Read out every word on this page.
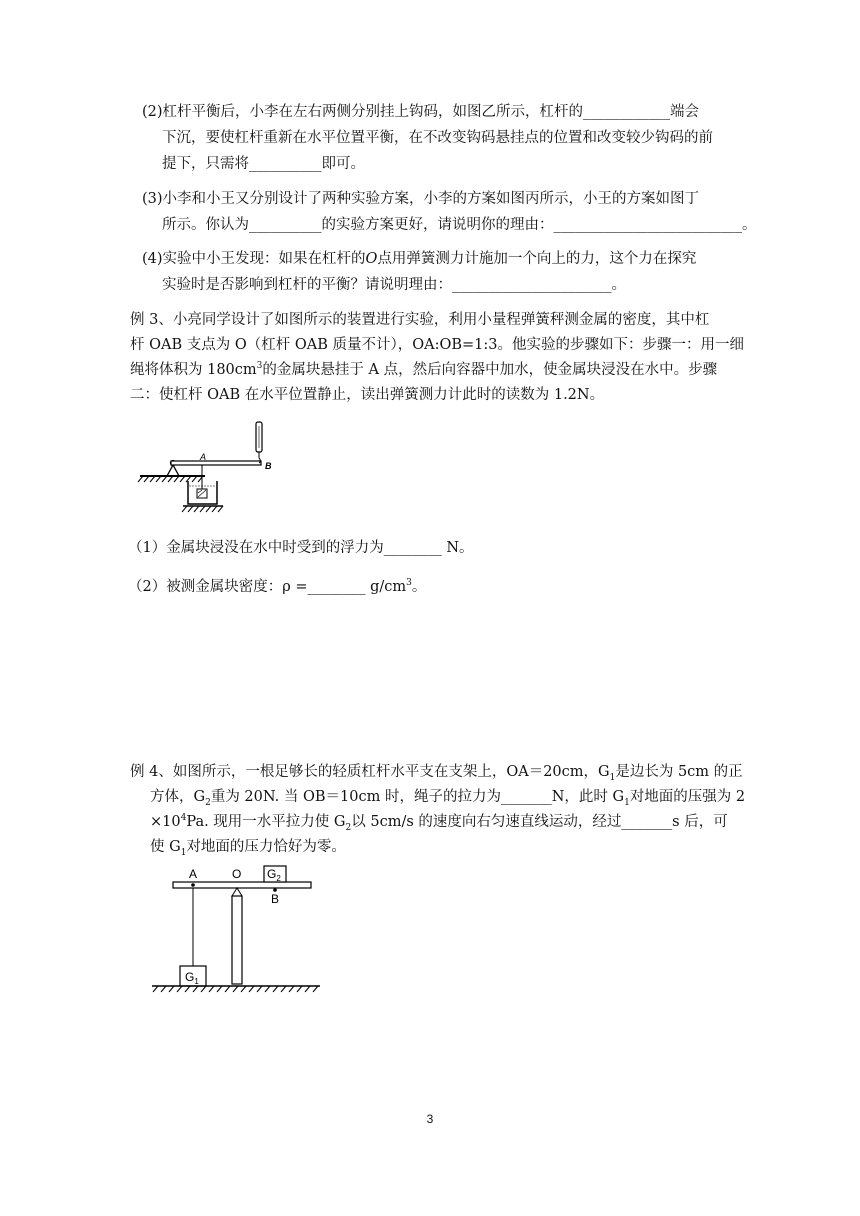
(2)杠杆平衡后，小李在左右两侧分别挂上钩码，如图乙所示，杠杆的____________端会
下沉，要使杠杆重新在水平位置平衡，在不改变钩码悬挂点的位置和改变较少钩码的前
提下，只需将__________即可。
(3)小李和小王又分别设计了两种实验方案，小李的方案如图丙所示，小王的方案如图丁
所示。你认为__________的实验方案更好，请说明你的理由：__________________________。
(4)实验中小王发现：如果在杠杆的O点用弹簧测力计施加一个向上的力，这个力在探究
实验时是否影响到杠杆的平衡？请说明理由：______________________。
例 3、小亮同学设计了如图所示的装置进行实验，利用小量程弹簧秤测金属的密度，其中杠
杆 OAB 支点为 O（杠杆 OAB 质量不计），OA:OB=1:3。他实验的步骤如下：步骤一：用一细
绳将体积为 $180cm^3$的金属块悬挂于 A 点，然后向容器中加水，使金属块浸没在水中。步骤
二：使杠杆 OAB 在水平位置静止，读出弹簧测力计此时的读数为 1.2N。
A
B
（1）金属块浸没在水中时受到的浮力为________ N。
（2）被测金属块密度：ρ =________ $g/cm^3$。
例 4、如图所示，一根足够长的轻质杠杆水平支在支架上，OA＝20cm，$G_1$是边长为 5cm 的正
方体，$G_2$重为 20N. 当 OB＝10cm 时，绳子的拉力为_______N，此时 $G_1$对地面的压强为 2
$\times 10^4Pa$. 现用一水平拉力使 $G_2$以 5cm/s 的速度向右匀速直线运动，经过_______s 后，可
使 $G_1$对地面的压力恰好为零。
$G_2$
A	O
B
$G_1$
3
